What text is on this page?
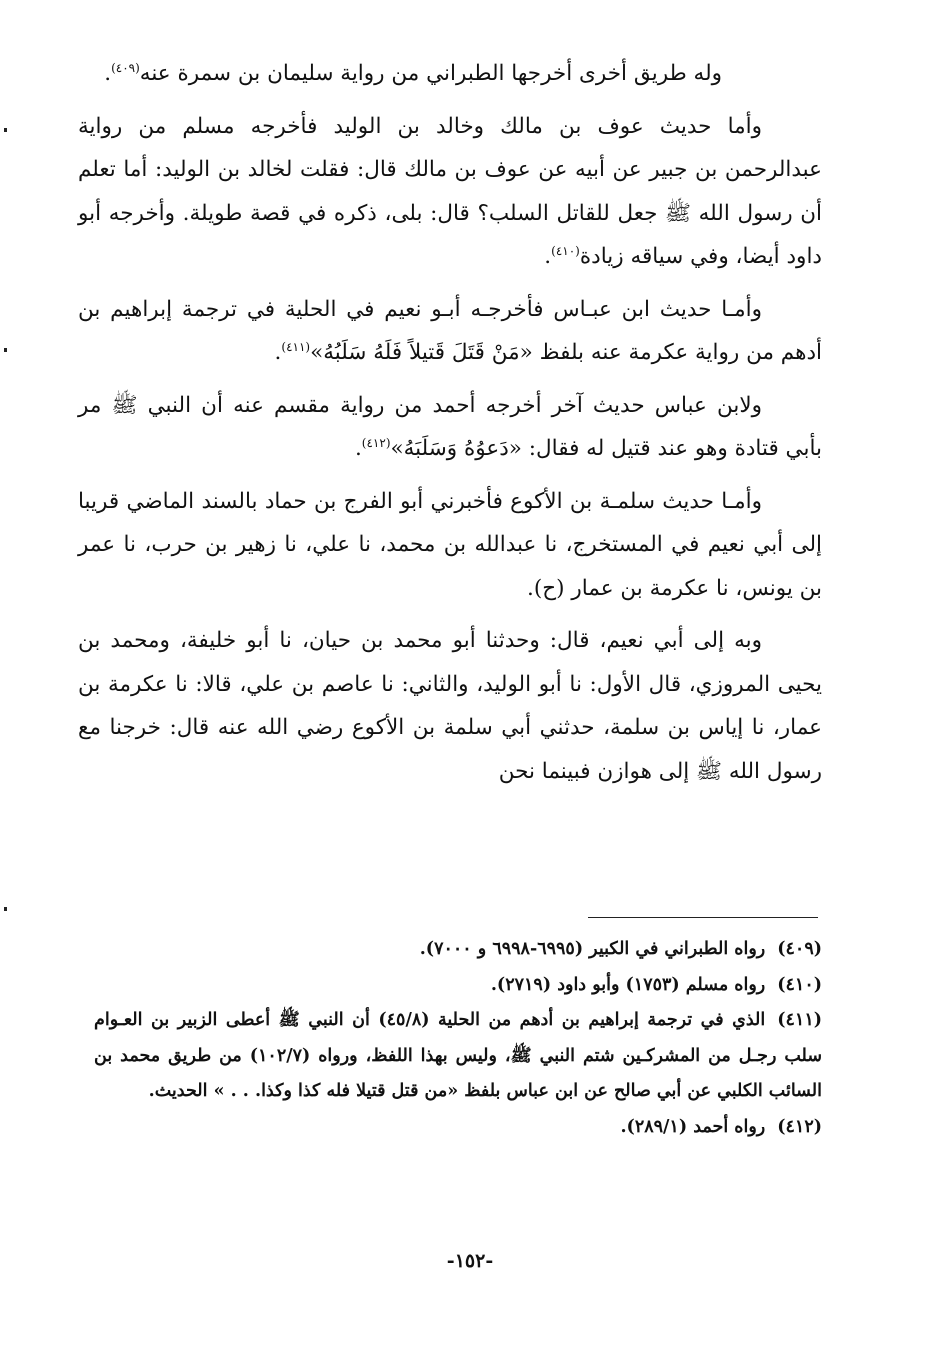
وله طريق أخرى أخرجها الطبراني من رواية سليمان بن سمرة عنه$^{(٤٠٩)}$.

وأما حديث عوف بن مالك وخالد بن الوليد فأخرجه مسلم من رواية عبدالرحمن بن جبير عن أبيه عن عوف بن مالك قال: فقلت لخالد بن الوليد: أما تعلم أن رسول الله ﷺ جعل للقاتل السلب؟ قال: بلى، ذكره في قصة طويلة. وأخرجه أبو داود أيضا، وفي سياقه زيادة$^{(٤١٠)}$.

وأمـا حديث ابن عبـاس فأخرجـه أبـو نعيم في الحلية في ترجمة إبراهيم بن أدهم من رواية عكرمة عنه بلفظ «مَنْ قَتَلَ قَتيلاً فَلَهُ سَلَبُهُ»$^{(٤١١)}$.

ولابن عباس حديث آخر أخرجه أحمد من رواية مقسم عنه أن النبي ﷺ مر بأبي قتادة وهو عند قتيل له فقال: «دَعوُهُ وَسَلَبَهُ»$^{(٤١٢)}$.

وأمـا حديث سلمـة بن الأكوع فأخبرني أبو الفرج بن حماد بالسند الماضي قريبا إلى أبي نعيم في المستخرج، نا عبدالله بن محمد، نا علي، نا زهير بن حرب، نا عمر بن يونس، نا عكرمة بن عمار (ح).

وبه إلى أبي نعيم، قال: وحدثنا أبو محمد بن حيان، نا أبو خليفة، ومحمد بن يحيى المروزي، قال الأول: نا أبو الوليد، والثاني: نا عاصم بن علي، قالا: نا عكرمة بن عمار، نا إياس بن سلمة، حدثني أبي سلمة بن الأكوع رضي الله عنه قال: خرجنا مع رسول الله ﷺ إلى هوازن فبينما نحن

(٤٠٩)رواه الطبراني في الكبير (٦٩٩٥-٦٩٩٨ و ٧٠٠٠).

(٤١٠)رواه مسلم (١٧٥٣) وأبو داود (٢٧١٩).

(٤١١)الذي في ترجمة إبراهيم بن أدهم من الحلية (٤٥/٨) أن النبي ﷺ أعطى الزبير بن العـوام سلب رجـل من المشركـين شتم النبي ﷺ، وليس بهذا اللفظ، ورواه (١٠٢/٧) من طريق محمد بن السائب الكلبي عن أبي صالح عن ابن عباس بلفظ «من قتل قتيلا فله كذا وكذا. . . » الحديث.

(٤١٢)رواه أحمد (٢٨٩/١).

-١٥٢-
